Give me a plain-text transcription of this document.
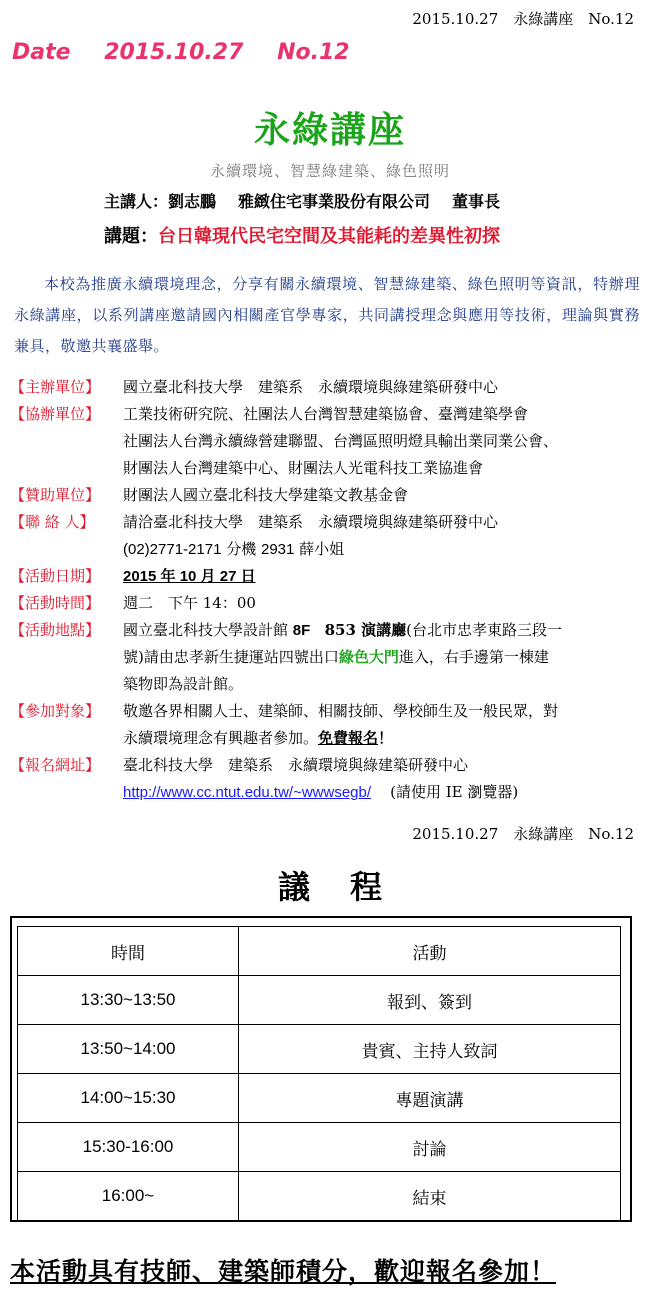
2015.10.27　永綠講座　No.12
Date 2015.10.27 No.12
永綠講座
永續環境、智慧綠建築、綠色照明
主講人：劉志鵬 雅緻住宅事業股份有限公司 董事長
講題：台日韓現代民宅空間及其能耗的差異性初探
本校為推廣永續環境理念，分享有關永續環境、智慧綠建築、綠色照明等資訊，特辦理永綠講座，以系列講座邀請國內相關產官學專家，共同講授理念與應用等技術，理論與實務兼具，敬邀共襄盛舉。
【主辦單位】	國立臺北科技大學　建築系　永續環境與綠建築研發中心
【協辦單位】	工業技術研究院、社團法人台灣智慧建築協會、臺灣建築學會
社團法人台灣永續綠營建聯盟、台灣區照明燈具輸出業同業公會、
財團法人台灣建築中心、財團法人光電科技工業協進會
【贊助單位】	財團法人國立臺北科技大學建築文教基金會
【聯 絡 人】	請洽臺北科技大學　建築系　永續環境與綠建築研發中心
(02)2771-2171 分機 2931 薛小姐
【活動日期】	2015 年 10 月 27 日
【活動時間】	週二　下午 14：00
【活動地點】	國立臺北科技大學設計館 8F 853 演講廳(台北市忠孝東路三段一
號)請由忠孝新生捷運站四號出口綠色大門進入，右手邊第一棟建
築物即為設計館。
【參加對象】	敬邀各界相關人士、建築師、相關技師、學校師生及一般民眾，對
永續環境理念有興趣者參加。免費報名！
【報名網址】	臺北科技大學　建築系　永續環境與綠建築研發中心
http://www.cc.ntut.edu.tw/~wwwsegb/ (請使用 IE 瀏覽器)
2015.10.27　永綠講座　No.12
議程
時間	活動
13:30~13:50	報到、簽到
13:50~14:00	貴賓、主持人致詞
14:00~15:30	專題演講
15:30-16:00	討論
16:00~	結束
本活動具有技師、建築師積分，歡迎報名參加！
